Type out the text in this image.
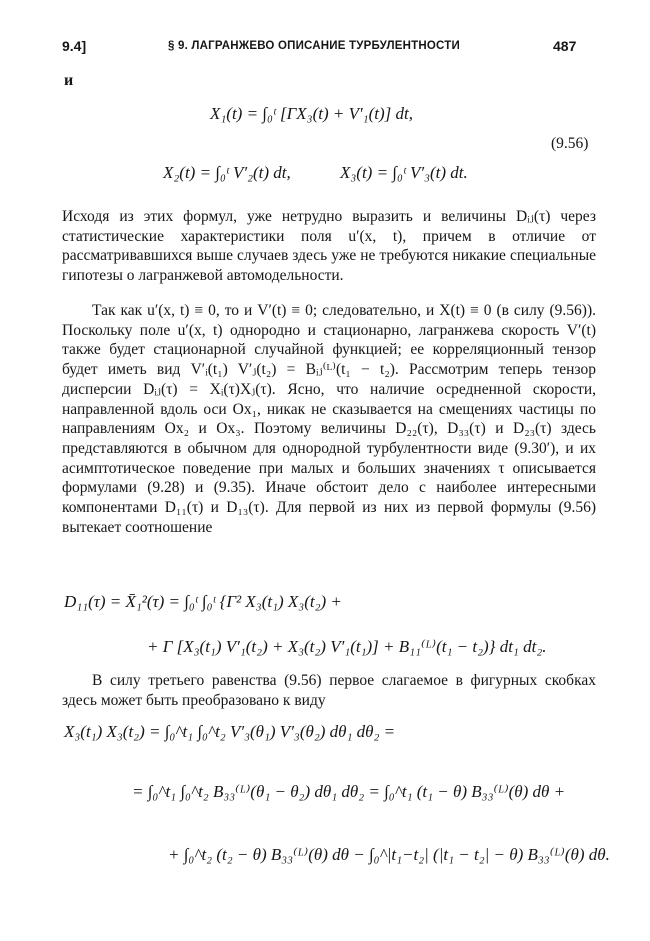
9.4]	§ 9. ЛАГРАНЖЕВО ОПИСАНИЕ ТУРБУЛЕНТНОСТИ	487
и
X₁(t) = ∫₀ᵗ [ΓX₃(t) + V′₁(t)] dt,
X₂(t) = ∫₀ᵗ V′₂(t) dt,	X₃(t) = ∫₀ᵗ V′₃(t) dt.
(9.56)

Исходя из этих формул, уже нетрудно выразить и величины Dᵢⱼ(τ) через статистические характеристики поля u′(x, t), причем в отличие от рассматривавшихся выше случаев здесь уже не требуются никакие специальные гипотезы о лагранжевой автомодельности.

Так как u′(x, t) ≡ 0, то и V′(t) ≡ 0; следовательно, и X(t) ≡ 0 (в силу (9.56)). Поскольку поле u′(x, t) однородно и стационарно, лагранжева скорость V′(t) также будет стационарной случайной функцией; ее корреляционный тензор будет иметь вид V′ᵢ(t₁) V′ⱼ(t₂) = Bᵢⱼ⁽ᴸ⁾(t₁ − t₂). Рассмотрим теперь тензор дисперсии Dᵢⱼ(τ) = Xᵢ(τ)Xⱼ(τ). Ясно, что наличие осредненной скорости, направленной вдоль оси Ox₁, никак не сказывается на смещениях частицы по направлениям Ox₂ и Ox₃. Поэтому величины D₂₂(τ), D₃₃(τ) и D₂₃(τ) здесь представляются в обычном для однородной турбулентности виде (9.30′), и их асимптотическое поведение при малых и больших значениях τ описывается формулами (9.28) и (9.35). Иначе обстоит дело с наиболее интересными компонентами D₁₁(τ) и D₁₃(τ). Для первой из них из первой формулы (9.56) вытекает соотношение

D₁₁(τ) = X̄₁²(τ) = ∫₀ᵗ ∫₀ᵗ {Γ² X₃(t₁) X₃(t₂) +
+ Γ [X₃(t₁) V′₁(t₂) + X₃(t₂) V′₁(t₁)] + B₁₁⁽ᴸ⁾(t₁ − t₂)} dt₁ dt₂.

В силу третьего равенства (9.56) первое слагаемое в фигурных скобках здесь может быть преобразовано к виду

X₃(t₁) X₃(t₂) = ∫₀^t₁ ∫₀^t₂ V′₃(θ₁) V′₃(θ₂) dθ₁ dθ₂ =
= ∫₀^t₁ ∫₀^t₂ B₃₃⁽ᴸ⁾(θ₁ − θ₂) dθ₁ dθ₂ = ∫₀^t₁ (t₁ − θ) B₃₃⁽ᴸ⁾(θ) dθ +
+ ∫₀^t₂ (t₂ − θ) B₃₃⁽ᴸ⁾(θ) dθ − ∫₀^|t₁−t₂| (|t₁ − t₂| − θ) B₃₃⁽ᴸ⁾(θ) dθ.
